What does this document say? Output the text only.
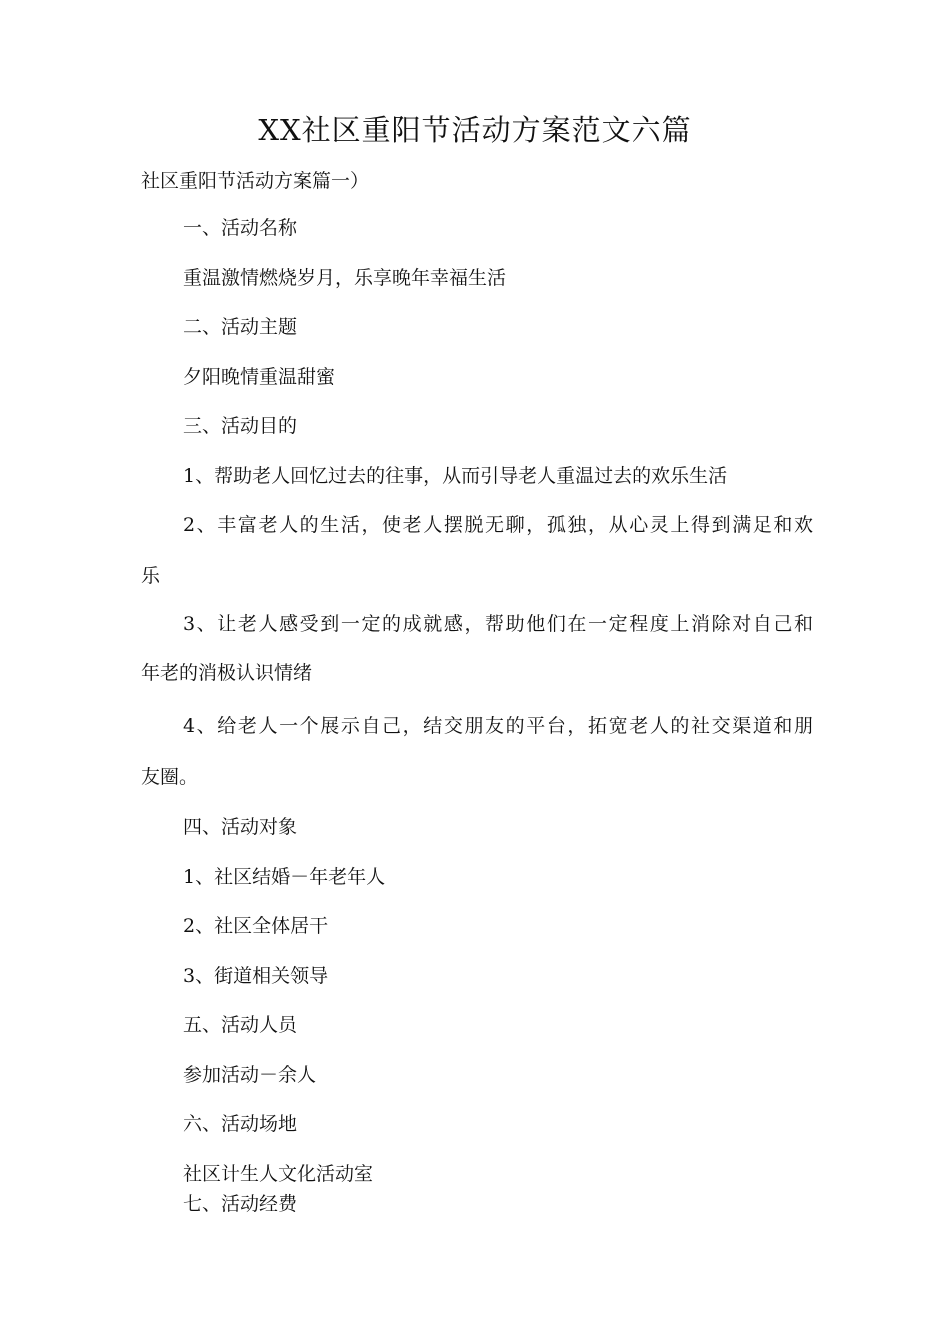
XX社区重阳节活动方案范文六篇
社区重阳节活动方案篇一）
一、活动名称
重温激情燃烧岁月，乐享晚年幸福生活
二、活动主题
夕阳晚情重温甜蜜
三、活动目的
1、帮助老人回忆过去的往事，从而引导老人重温过去的欢乐生活
2、丰富老人的生活，使老人摆脱无聊，孤独，从心灵上得到满足和欢
乐
3、让老人感受到一定的成就感，帮助他们在一定程度上消除对自己和
年老的消极认识情绪
4、给老人一个展示自己，结交朋友的平台，拓宽老人的社交渠道和朋
友圈。
四、活动对象
1、社区结婚－年老年人
2、社区全体居干
3、街道相关领导
五、活动人员
参加活动－余人
六、活动场地
社区计生人文化活动室
七、活动经费
